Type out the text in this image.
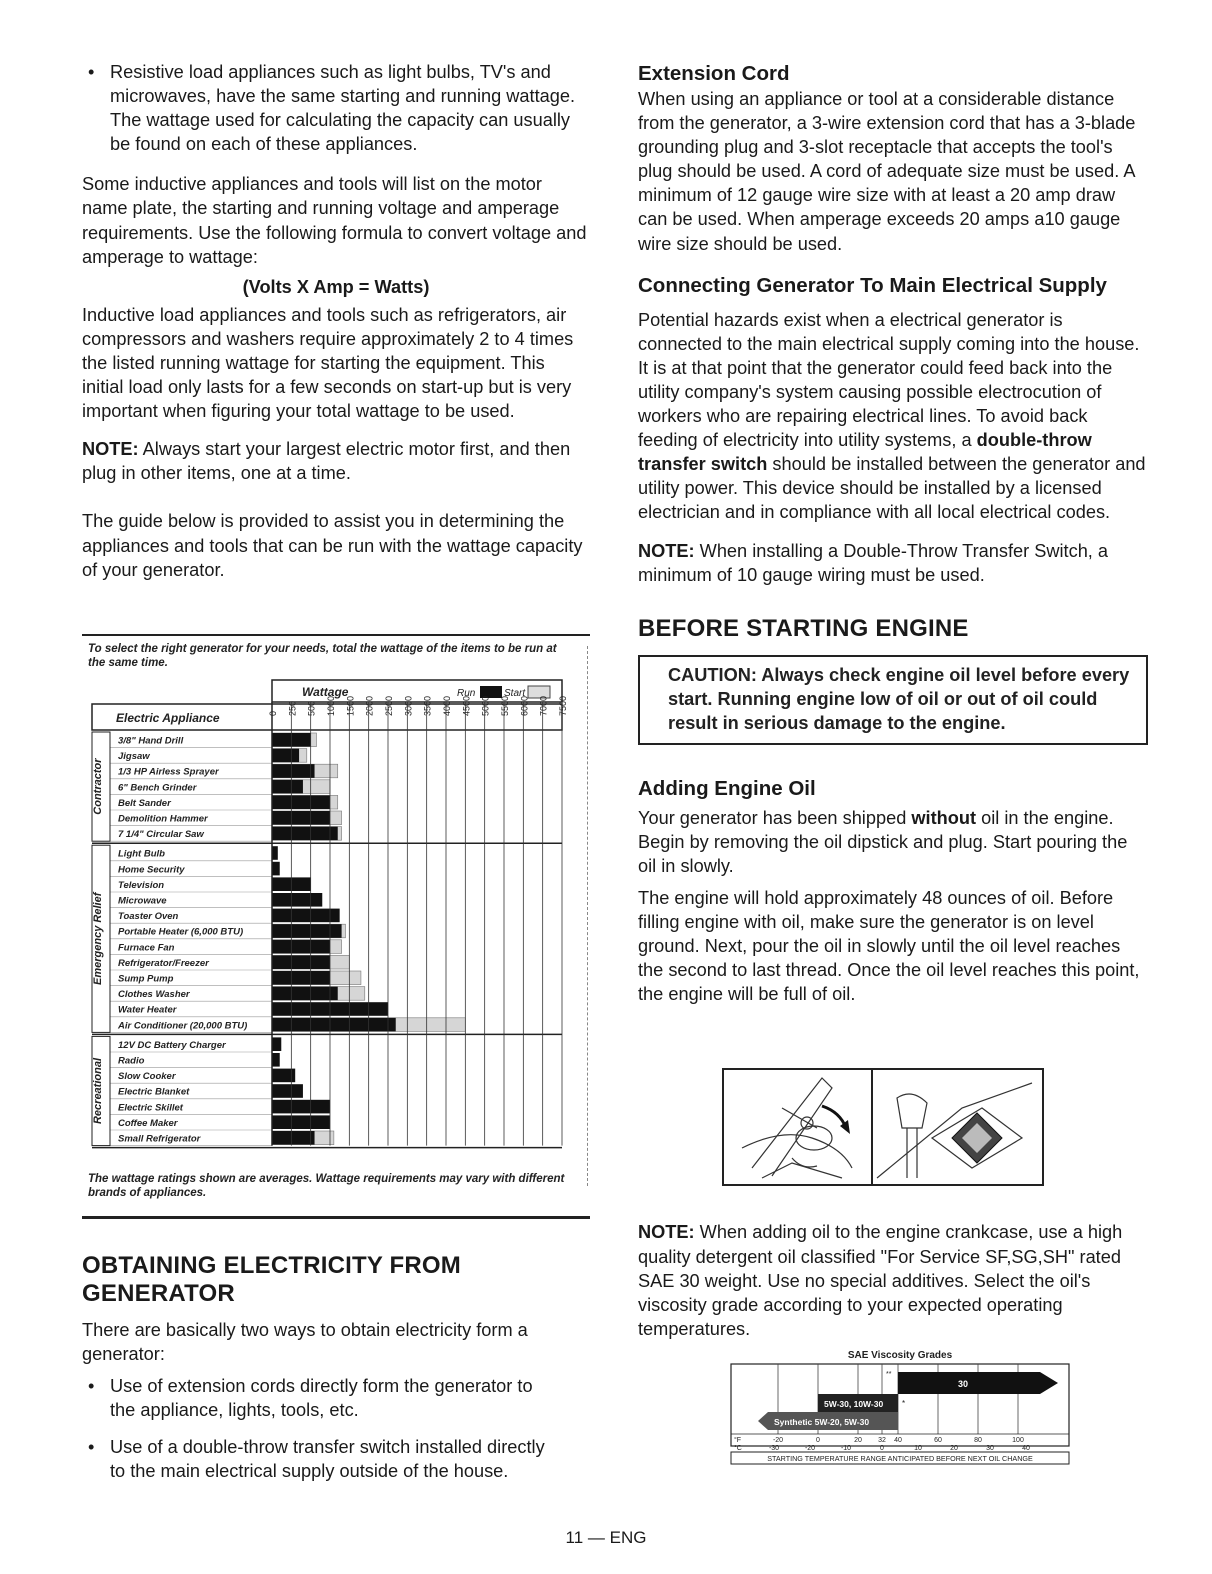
• Resistive load appliances such as light bulbs, TV's and microwaves, have the same starting and running wattage. The wattage used for calculating the capacity can usually be found on each of these appliances.

Some inductive appliances and tools will list on the motor name plate, the starting and running voltage and amperage requirements. Use the following formula to convert voltage and amperage to wattage:

(Volts X Amp = Watts)

Inductive load appliances and tools such as refrigerators, air compressors and washers require approximately 2 to 4 times the listed running wattage for starting the equipment. This initial load only lasts for a few seconds on start-up but is very important when figuring your total wattage to be used.

NOTE: Always start your largest electric motor first, and then plug in other items, one at a time.

The guide below is provided to assist you in determining the appliances and tools that can be run with the wattage capacity of your generator.

To select the right generator for your needs, total the wattage of the items to be run at the same time.
Wattage	Run	Start
Electric Appliance	0 250 500 1000 1500 2000 2500 3000 3500 4000 4500 5000 5500 6000 7000 7500
3/8" Hand Drill
Jigsaw
1/3 HP Airless Sprayer
6" Bench Grinder
Belt Sander
Demolition Hammer
7 1/4" Circular Saw
Contractor
Light Bulb
Home Security
Television
Microwave
Toaster Oven
Portable Heater (6,000 BTU)
Furnace Fan
Refrigerator/Freezer
Sump Pump
Clothes Washer
Water Heater
Air Conditioner (20,000 BTU)
Emergency Relief
12V DC Battery Charger
Radio
Slow Cooker
Electric Blanket
Electric Skillet
Coffee Maker
Small Refrigerator
Recreational
The wattage ratings shown are averages. Wattage requirements may vary with different brands of appliances.
OBTAINING ELECTRICITY FROM GENERATOR

There are basically two ways to obtain electricity form a generator:

• Use of extension cords directly form the generator to the appliance, lights, tools, etc.
• Use of a double-throw transfer switch installed directly to the main electrical supply outside of the house.
Extension Cord

When using an appliance or tool at a considerable distance from the generator, a 3-wire extension cord that has a 3-blade grounding plug and 3-slot receptacle that accepts the tool's plug should be used. A cord of adequate size must be used. A minimum of 12 gauge wire size with at least a 20 amp draw can be used. When amperage exceeds 20 amps a10 gauge wire size should be used.

Connecting Generator To Main Electrical Supply

Potential hazards exist when a electrical generator is connected to the main electrical supply coming into the house. It is at that point that the generator could feed back into the utility company's system causing possible electrocution of workers who are repairing electrical lines. To avoid back feeding of electricity into utility systems, a double-throw transfer switch should be installed between the generator and utility power. This device should be installed by a licensed electrician and in compliance with all local electrical codes.

NOTE: When installing a Double-Throw Transfer Switch, a minimum of 10 gauge wiring must be used.

BEFORE STARTING ENGINE
CAUTION: Always check engine oil level before every start. Running engine low of oil or out of oil could result in serious damage to the engine.
Adding Engine Oil

Your generator has been shipped without oil in the engine. Begin by removing the oil dipstick and plug. Start pouring the oil in slowly.

The engine will hold approximately 48 ounces of oil. Before filling engine with oil, make sure the generator is on level ground. Next, pour the oil in slowly until the oil level reaches the second to last thread. Once the oil level reaches this point, the engine will be full of oil.

NOTE: When adding oil to the engine crankcase, use a high quality detergent oil classified "For Service SF,SG,SH" rated SAE 30 weight. Use no special additives. Select the oil's viscosity grade according to your expected operating temperatures.

SAE Viscosity Grades
30
5W-30, 10W-30
Synthetic 5W-20, 5W-30
**
*
°F	-20	0	20 32 40	60	80	100
°C	-30	-20	-10	0	10	20	30	40
STARTING TEMPERATURE RANGE ANTICIPATED BEFORE NEXT OIL CHANGE
11 — ENG
